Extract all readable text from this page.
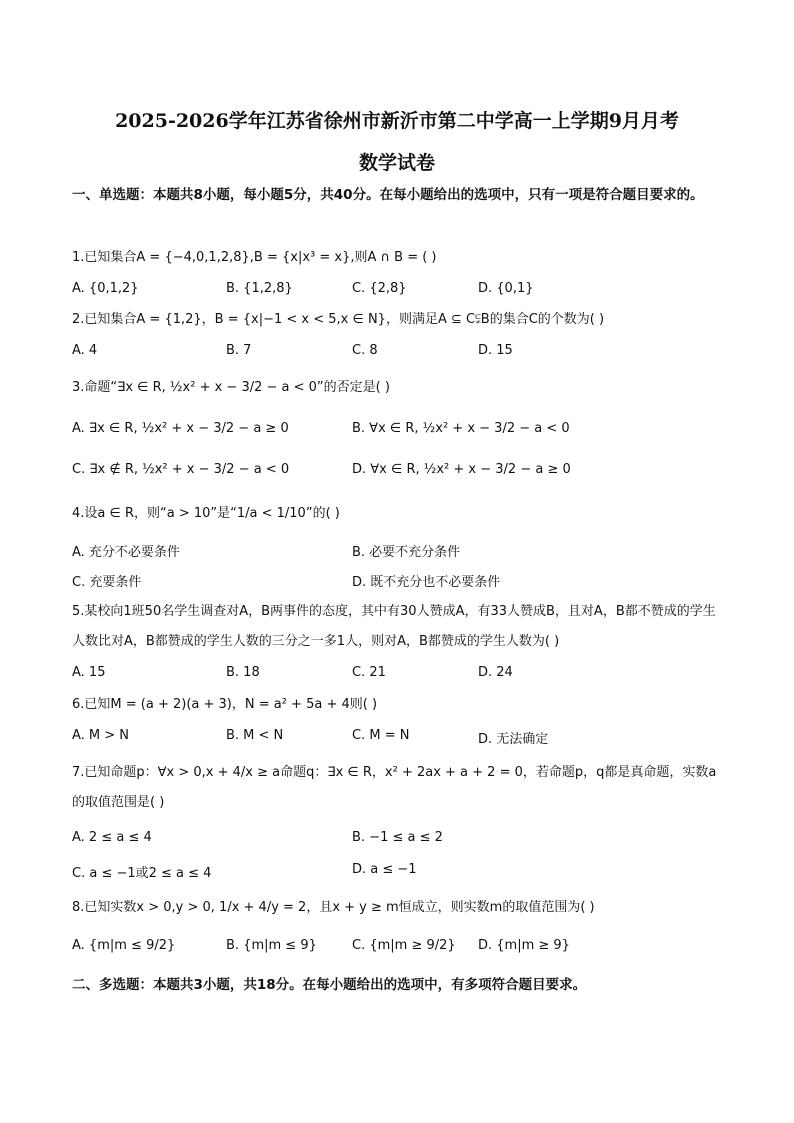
2025-2026学年江苏省徐州市新沂市第二中学高一上学期9月月考
数学试卷
一、单选题：本题共8小题，每小题5分，共40分。在每小题给出的选项中，只有一项是符合题目要求的。
1.已知集合A = {−4,0,1,2,8},B = {x|x³ = x},则A ∩ B = ( )
A. {0,1,2}	B. {1,2,8}	C. {2,8}	D. {0,1}
2.已知集合A = {1,2}，B = {x|−1 < x < 5,x ∈ N}，则满足A ⊆ C⫋B的集合C的个数为( )
A. 4	B. 7	C. 8	D. 15
3.命题“∃x ∈ R, ½x² + x − 3/2 − a < 0”的否定是( )
A. ∃x ∈ R, ½x² + x − 3/2 − a ≥ 0	B. ∀x ∈ R, ½x² + x − 3/2 − a < 0
C. ∃x ∉ R, ½x² + x − 3/2 − a < 0	D. ∀x ∈ R, ½x² + x − 3/2 − a ≥ 0
4.设a ∈ R，则“a > 10”是“1/a < 1/10”的( )
A. 充分不必要条件	B. 必要不充分条件
C. 充要条件	D. 既不充分也不必要条件
5.某校向1班50名学生调查对A，B两事件的态度，其中有30人赞成A，有33人赞成B，且对A，B都不赞成的学生人数比对A，B都赞成的学生人数的三分之一多1人，则对A，B都赞成的学生人数为( )
A. 15	B. 18	C. 21	D. 24
6.已知M = (a + 2)(a + 3)，N = a² + 5a + 4则( )
A. M > N	B. M < N	C. M = N	D. 无法确定
7.已知命题p：∀x > 0,x + 4/x ≥ a命题q：∃x ∈ R，x² + 2ax + a + 2 = 0，若命题p，q都是真命题，实数a的取值范围是( )
A. 2 ≤ a ≤ 4	B. −1 ≤ a ≤ 2
C. a ≤ −1或2 ≤ a ≤ 4	D. a ≤ −1
8.已知实数x > 0,y > 0, 1/x + 4/y = 2，且x + y ≥ m恒成立，则实数m的取值范围为( )
A. {m|m ≤ 9/2}	B. {m|m ≤ 9}	C. {m|m ≥ 9/2} D. {m|m ≥ 9}
二、多选题：本题共3小题，共18分。在每小题给出的选项中，有多项符合题目要求。
